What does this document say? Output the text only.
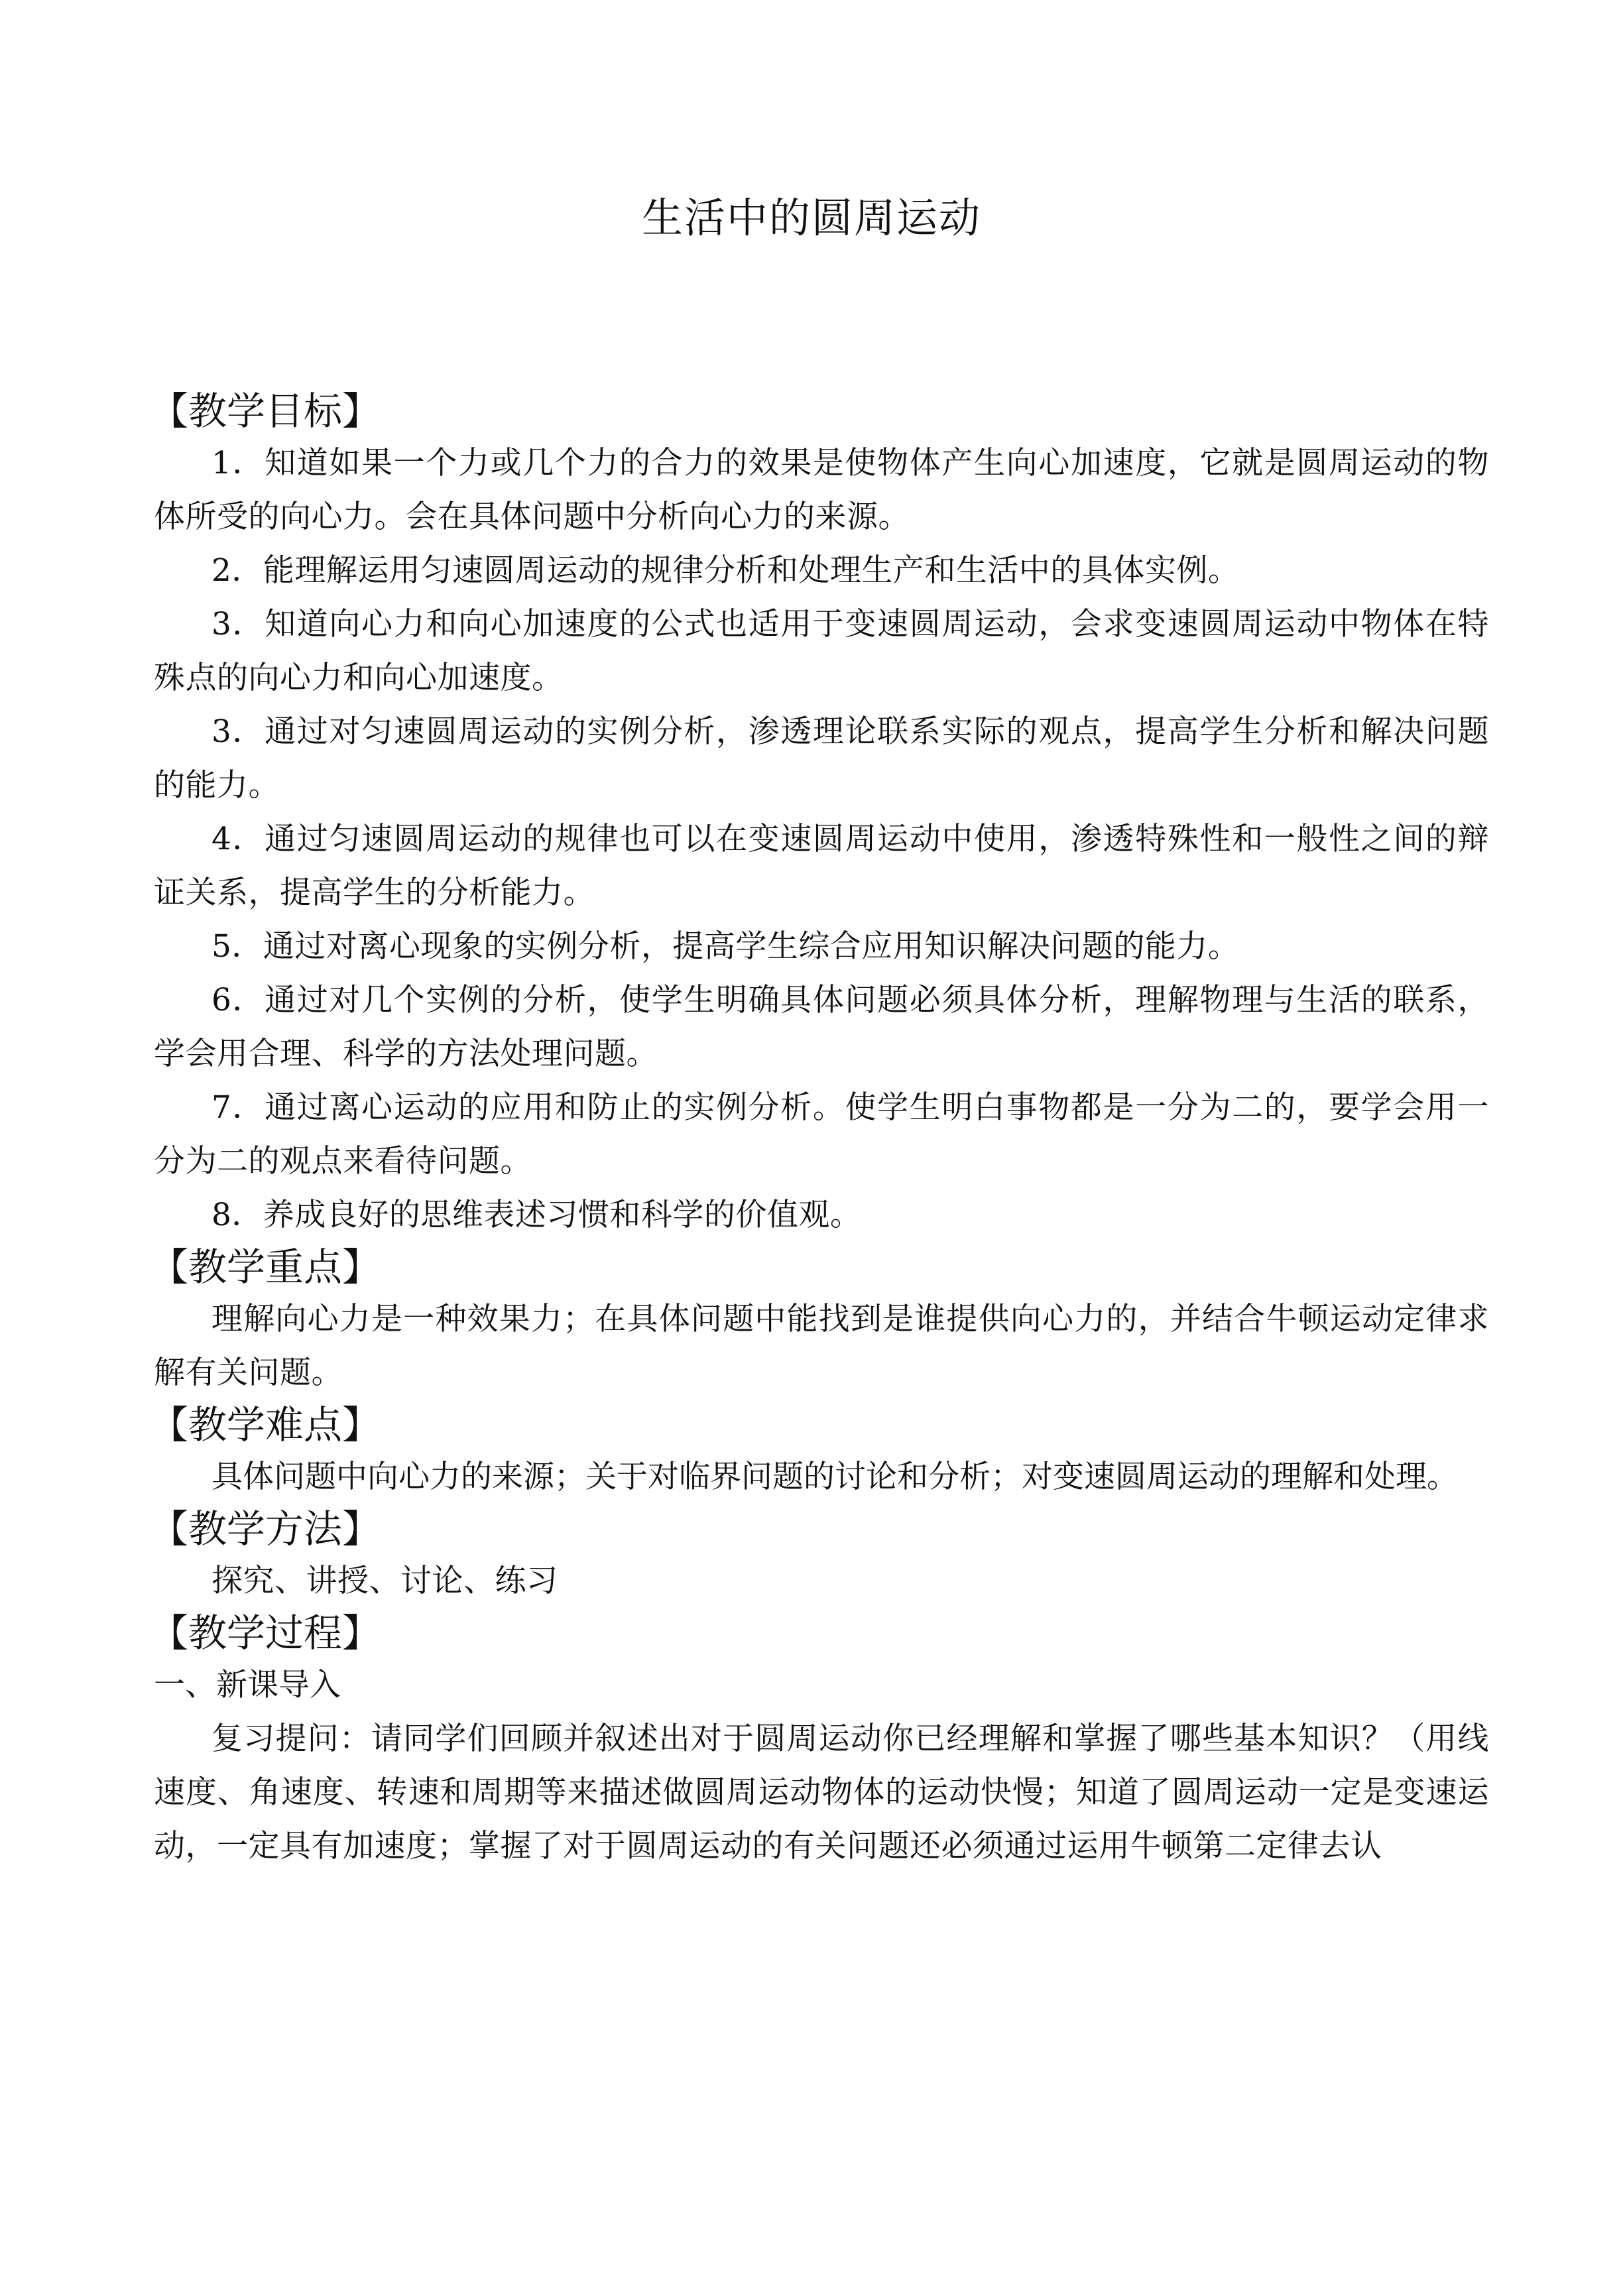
生活中的圆周运动
【教学目标】

1．知道如果一个力或几个力的合力的效果是使物体产生向心加速度，它就是圆周运动的物体所受的向心力。会在具体问题中分析向心力的来源。

2．能理解运用匀速圆周运动的规律分析和处理生产和生活中的具体实例。

3．知道向心力和向心加速度的公式也适用于变速圆周运动，会求变速圆周运动中物体在特殊点的向心力和向心加速度。

3．通过对匀速圆周运动的实例分析，渗透理论联系实际的观点，提高学生分析和解决问题的能力。

4．通过匀速圆周运动的规律也可以在变速圆周运动中使用，渗透特殊性和一般性之间的辩证关系，提高学生的分析能力。

5．通过对离心现象的实例分析，提高学生综合应用知识解决问题的能力。

6．通过对几个实例的分析，使学生明确具体问题必须具体分析，理解物理与生活的联系，学会用合理、科学的方法处理问题。

7．通过离心运动的应用和防止的实例分析。使学生明白事物都是一分为二的，要学会用一分为二的观点来看待问题。

8．养成良好的思维表述习惯和科学的价值观。

【教学重点】

理解向心力是一种效果力；在具体问题中能找到是谁提供向心力的，并结合牛顿运动定律求解有关问题。

【教学难点】

具体问题中向心力的来源；关于对临界问题的讨论和分析；对变速圆周运动的理解和处理。

【教学方法】

探究、讲授、讨论、练习

【教学过程】

一、新课导入

复习提问：请同学们回顾并叙述出对于圆周运动你已经理解和掌握了哪些基本知识？（用线速度、角速度、转速和周期等来描述做圆周运动物体的运动快慢；知道了圆周运动一定是变速运动，一定具有加速度；掌握了对于圆周运动的有关问题还必须通过运用牛顿第二定律去认
